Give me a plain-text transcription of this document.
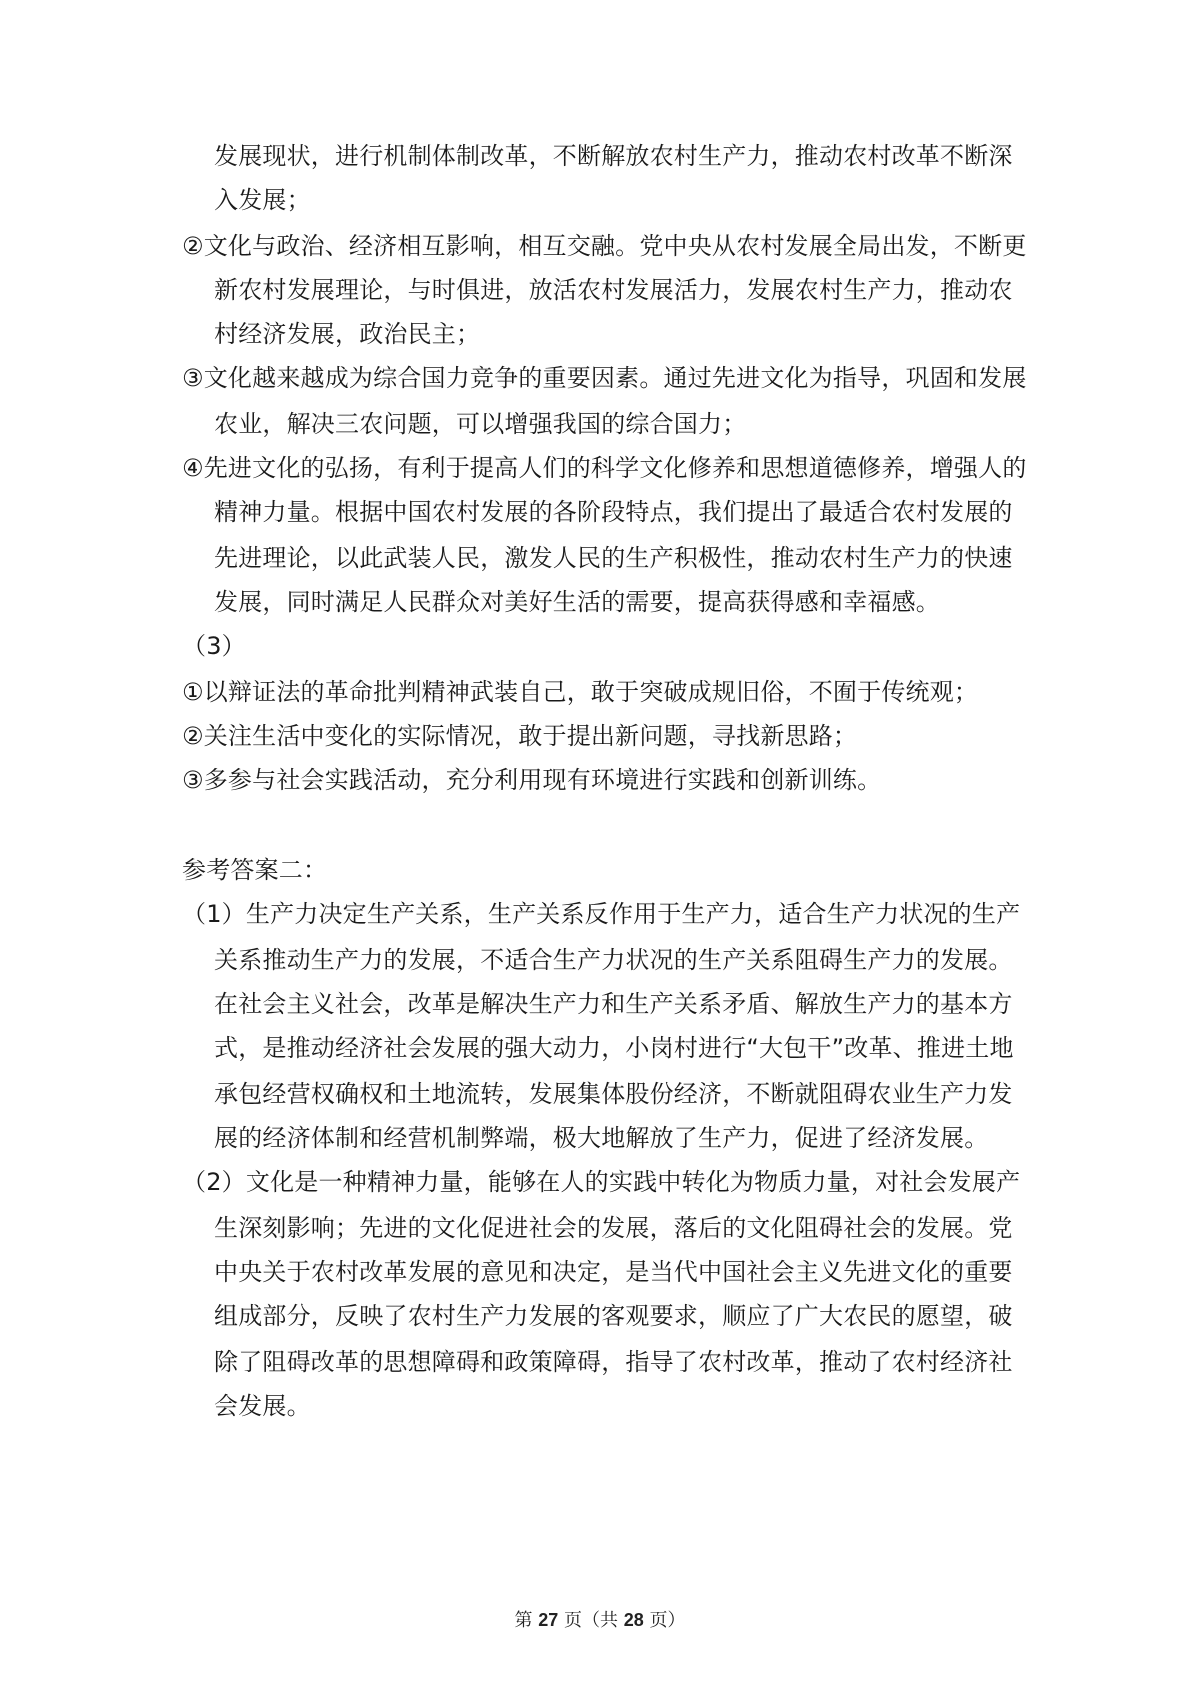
发展现状，进行机制体制改革，不断解放农村生产力，推动农村改革不断深
入发展；
②文化与政治、经济相互影响，相互交融。党中央从农村发展全局出发，不断更
新农村发展理论，与时俱进，放活农村发展活力，发展农村生产力，推动农
村经济发展，政治民主；
③文化越来越成为综合国力竞争的重要因素。通过先进文化为指导，巩固和发展
农业，解决三农问题，可以增强我国的综合国力；
④先进文化的弘扬，有利于提高人们的科学文化修养和思想道德修养，增强人的
精神力量。根据中国农村发展的各阶段特点，我们提出了最适合农村发展的
先进理论，以此武装人民，激发人民的生产积极性，推动农村生产力的快速
发展，同时满足人民群众对美好生活的需要，提高获得感和幸福感。
（3）
①以辩证法的革命批判精神武装自己，敢于突破成规旧俗，不囿于传统观；
②关注生活中变化的实际情况，敢于提出新问题，寻找新思路；
③多参与社会实践活动，充分利用现有环境进行实践和创新训练。
参考答案二：
（1）生产力决定生产关系，生产关系反作用于生产力，适合生产力状况的生产
关系推动生产力的发展，不适合生产力状况的生产关系阻碍生产力的发展。
在社会主义社会，改革是解决生产力和生产关系矛盾、解放生产力的基本方
式，是推动经济社会发展的强大动力，小岗村进行“大包干”改革、推进土地
承包经营权确权和土地流转，发展集体股份经济，不断就阻碍农业生产力发
展的经济体制和经营机制弊端，极大地解放了生产力，促进了经济发展。
（2）文化是一种精神力量，能够在人的实践中转化为物质力量，对社会发展产
生深刻影响；先进的文化促进社会的发展，落后的文化阻碍社会的发展。党
中央关于农村改革发展的意见和决定，是当代中国社会主义先进文化的重要
组成部分，反映了农村生产力发展的客观要求，顺应了广大农民的愿望，破
除了阻碍改革的思想障碍和政策障碍，指导了农村改革，推动了农村经济社
会发展。
第 27 页（共 28 页）
